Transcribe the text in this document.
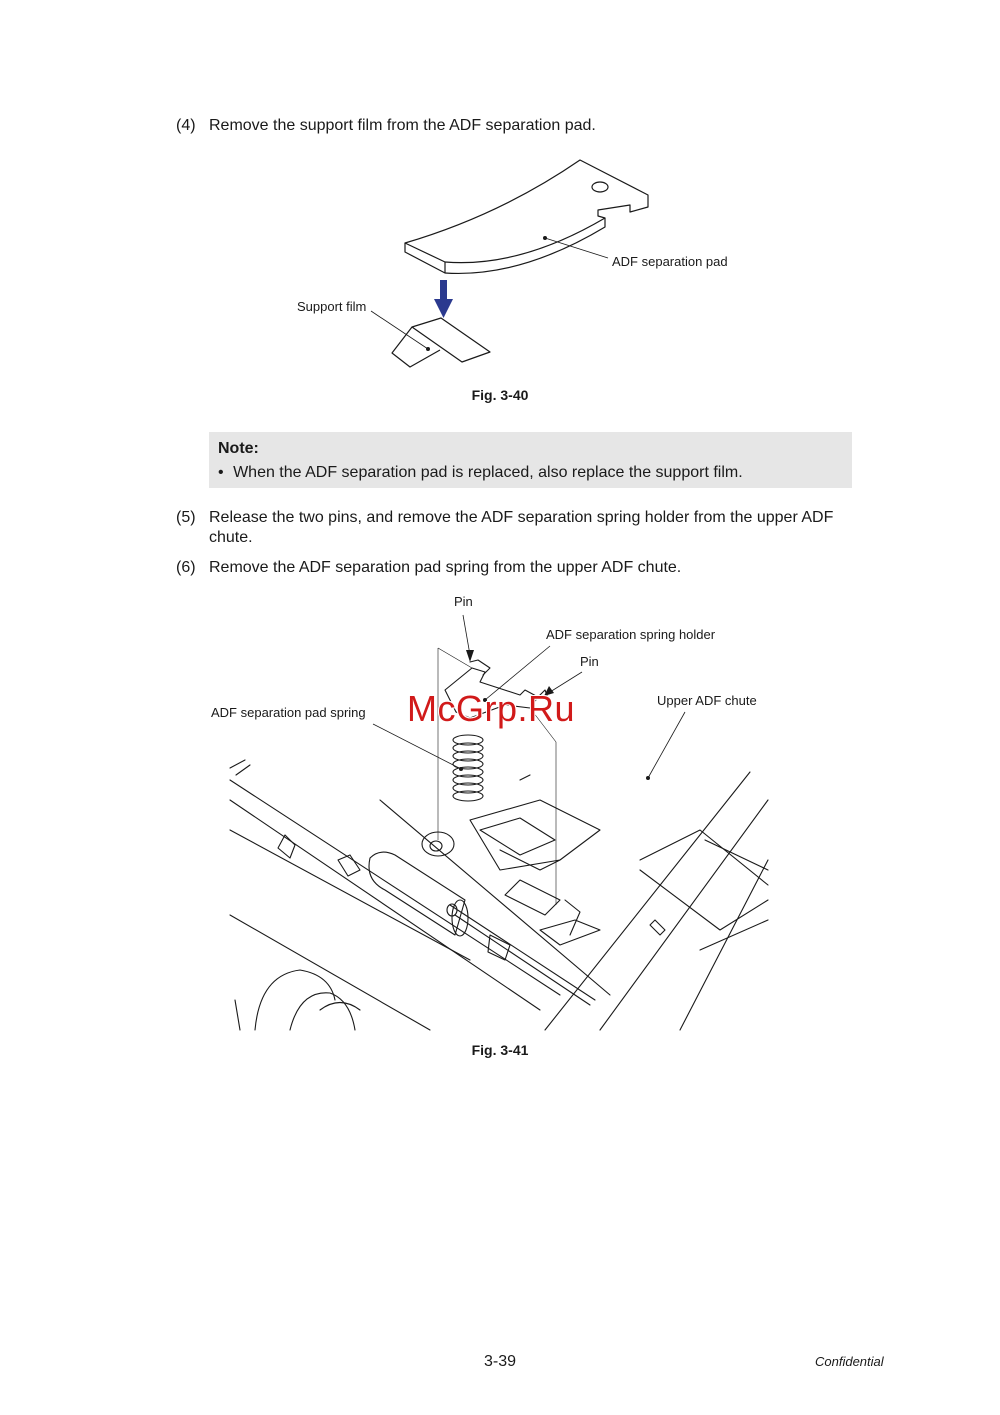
(4) Remove the support film from the ADF separation pad.
ADF separation pad
Support film
Fig. 3-40
Note:
• When the ADF separation pad is replaced, also replace the support film.
(5) Release the two pins, and remove the ADF separation spring holder from the upper ADF
chute.
(6) Remove the ADF separation pad spring from the upper ADF chute.
Pin
ADF separation spring holder
Pin
Upper ADF chute
ADF separation pad spring McGrp.Ru
Fig. 3-41
3-39	Confidential
